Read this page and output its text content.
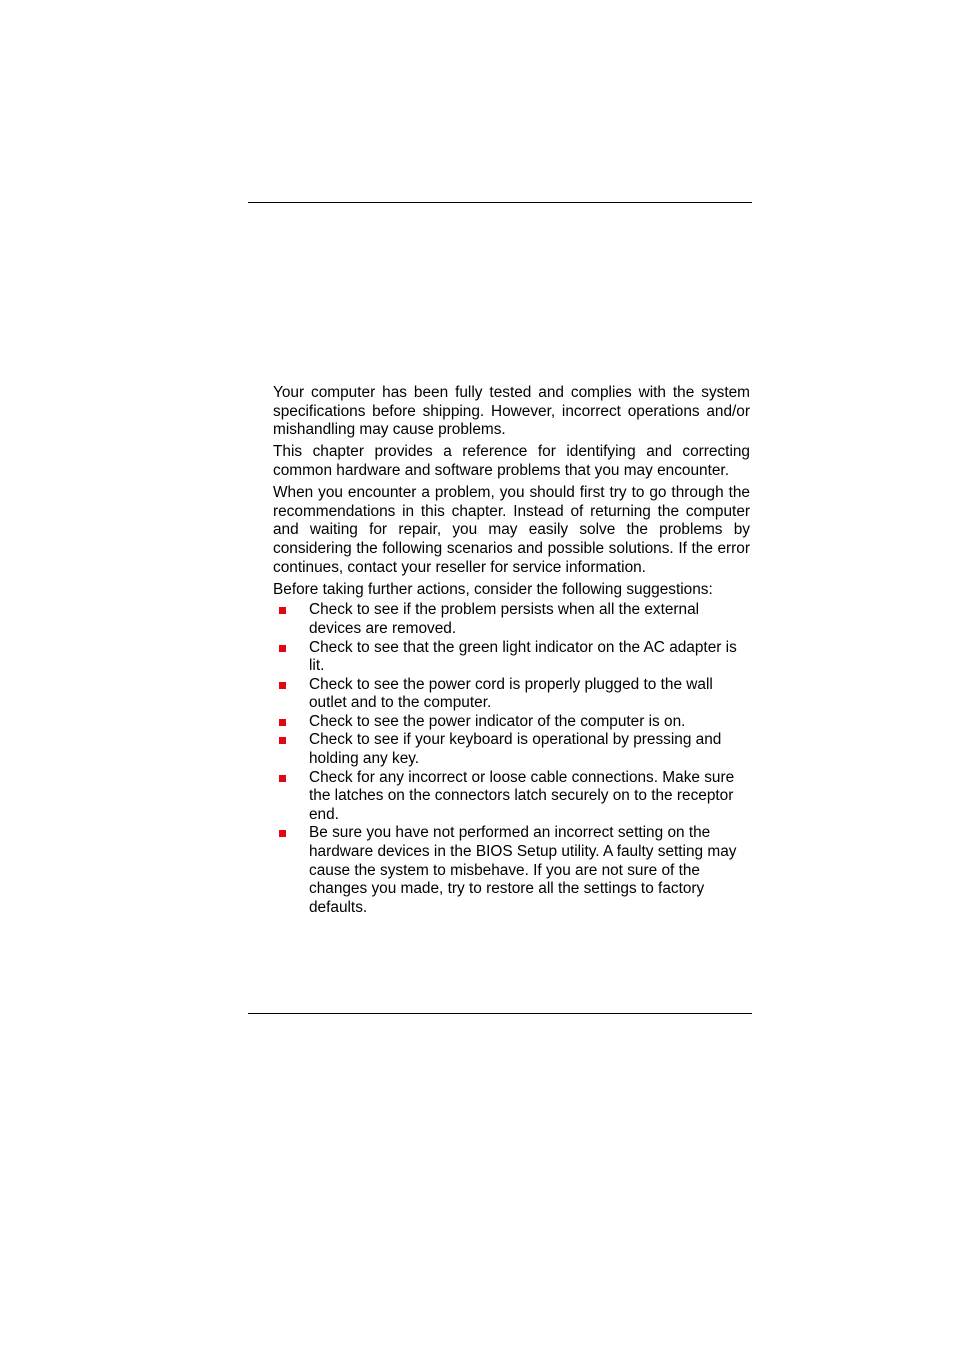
Your computer has been fully tested and complies with the system specifications before shipping. However, incorrect operations and/or mishandling may cause problems.

This chapter provides a reference for identifying and correcting common hardware and software problems that you may encounter.

When you encounter a problem, you should first try to go through the recommendations in this chapter. Instead of returning the computer and waiting for repair, you may easily solve the problems by considering the following scenarios and possible solutions. If the error continues, contact your reseller for service information.

Before taking further actions, consider the following suggestions:

Check to see if the problem persists when all the external devices are removed.
Check to see that the green light indicator on the AC adapter is lit.
Check to see the power cord is properly plugged to the wall outlet and to the computer.
Check to see the power indicator of the computer is on.
Check to see if your keyboard is operational by pressing and holding any key.
Check for any incorrect or loose cable connections. Make sure the latches on the connectors latch securely on to the receptor end.
Be sure you have not performed an incorrect setting on the hardware devices in the BIOS Setup utility. A faulty setting may cause the system to misbehave. If you are not sure of the changes you made, try to restore all the settings to factory defaults.
